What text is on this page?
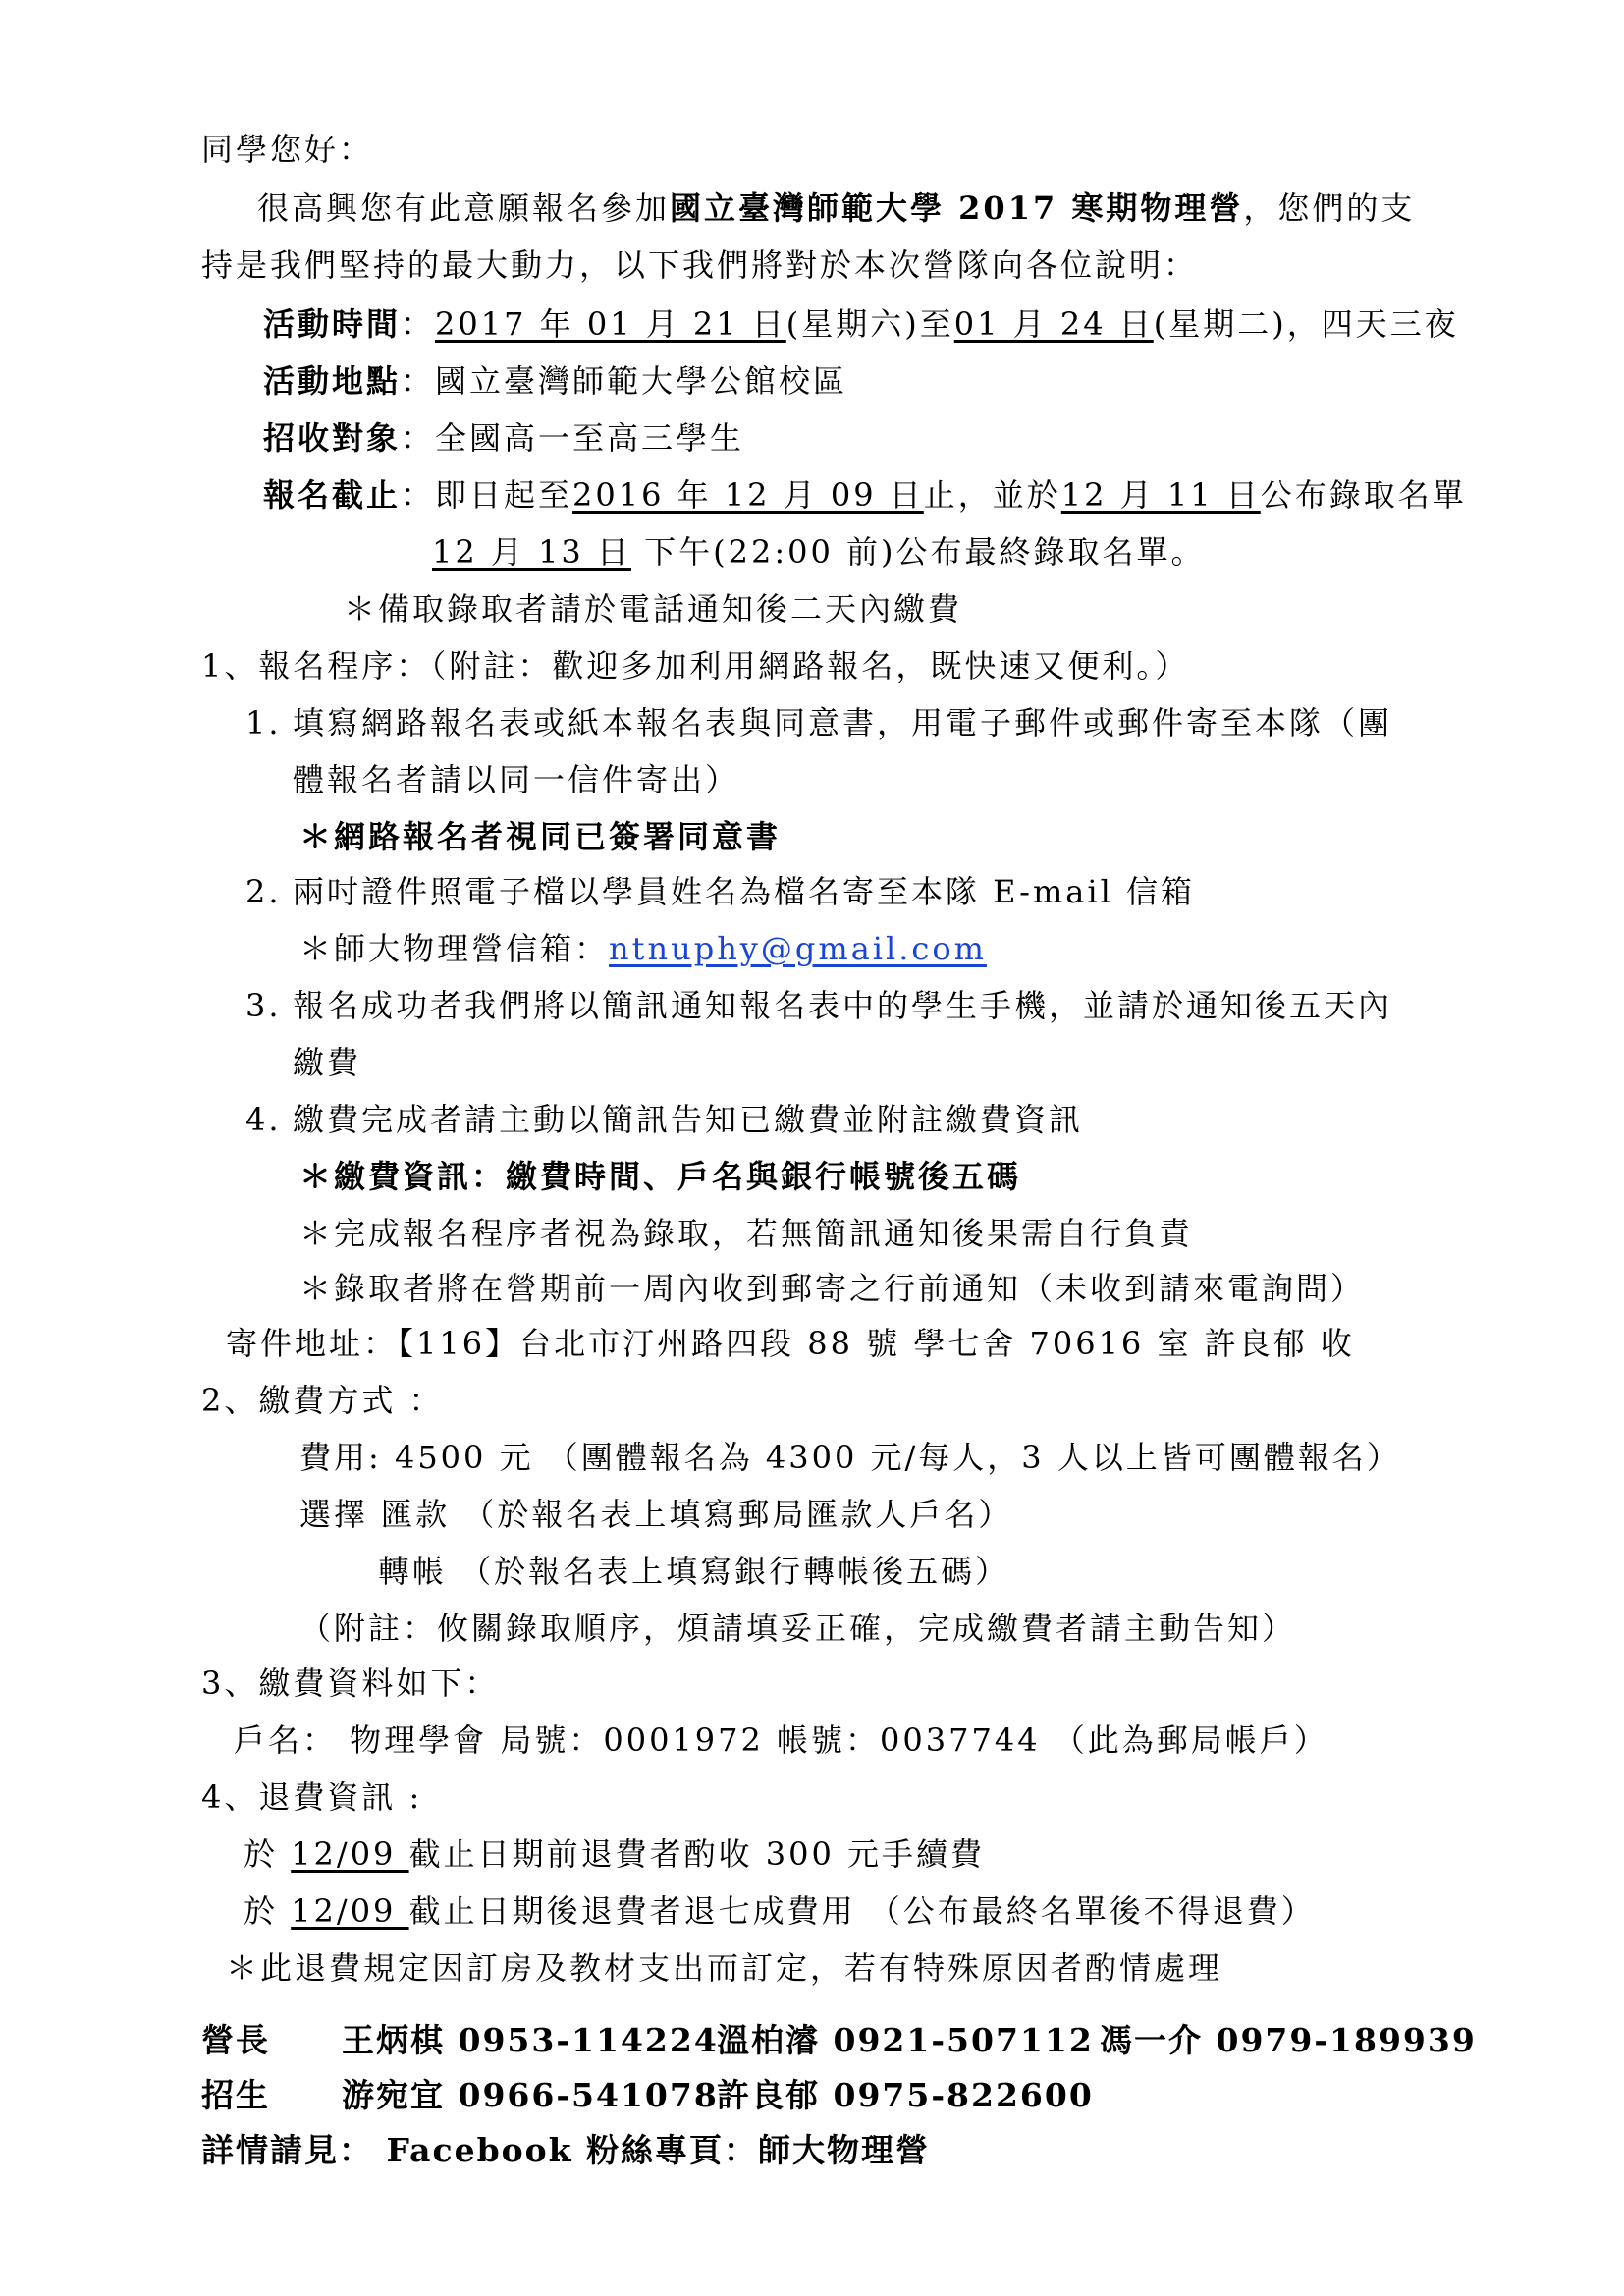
同學您好：
很高興您有此意願報名參加國立臺灣師範大學 2017 寒期物理營，您們的支
持是我們堅持的最大動力，以下我們將對於本次營隊向各位說明：
活動時間：2017 年 01 月 21 日(星期六)至01 月 24 日(星期二)，四天三夜
活動地點：國立臺灣師範大學公館校區
招收對象：全國高一至高三學生
報名截止：即日起至2016 年 12 月 09 日止，並於12 月 11 日公布錄取名單
12 月 13 日 下午(22:00 前)公布最終錄取名單。
＊備取錄取者請於電話通知後二天內繳費
1、報名程序：（附註：歡迎多加利用網路報名，既快速又便利。）
1. 填寫網路報名表或紙本報名表與同意書，用電子郵件或郵件寄至本隊（團
體報名者請以同一信件寄出）
＊網路報名者視同已簽署同意書
2. 兩吋證件照電子檔以學員姓名為檔名寄至本隊 E-mail 信箱
＊師大物理營信箱：ntnuphy@gmail.com
3. 報名成功者我們將以簡訊通知報名表中的學生手機，並請於通知後五天內
繳費
4. 繳費完成者請主動以簡訊告知已繳費並附註繳費資訊
＊繳費資訊：繳費時間、戶名與銀行帳號後五碼
＊完成報名程序者視為錄取，若無簡訊通知後果需自行負責
＊錄取者將在營期前一周內收到郵寄之行前通知（未收到請來電詢問）
寄件地址：【116】台北市汀州路四段 88 號 學七舍 70616 室 許良郁 收
2、繳費方式 ：
費用: 4500 元 （團體報名為 4300 元/每人，3 人以上皆可團體報名）
選擇 匯款 （於報名表上填寫郵局匯款人戶名）
轉帳 （於報名表上填寫銀行轉帳後五碼）
（附註：攸關錄取順序，煩請填妥正確，完成繳費者請主動告知）
3、繳費資料如下：
戶名： 物理學會 局號：0001972 帳號：0037744 （此為郵局帳戶）
4、退費資訊 :
於 12/09 截止日期前退費者酌收 300 元手續費
於 12/09 截止日期後退費者退七成費用 （公布最終名單後不得退費）
＊此退費規定因訂房及教材支出而訂定，若有特殊原因者酌情處理
營長 王炳棋 0953-114224
溫柏濬 0921-507112 馮一介 0979-189939
招生 游宛宜 0966-541078
許良郁 0975-822600
詳情請見： Facebook 粉絲專頁：師大物理營
